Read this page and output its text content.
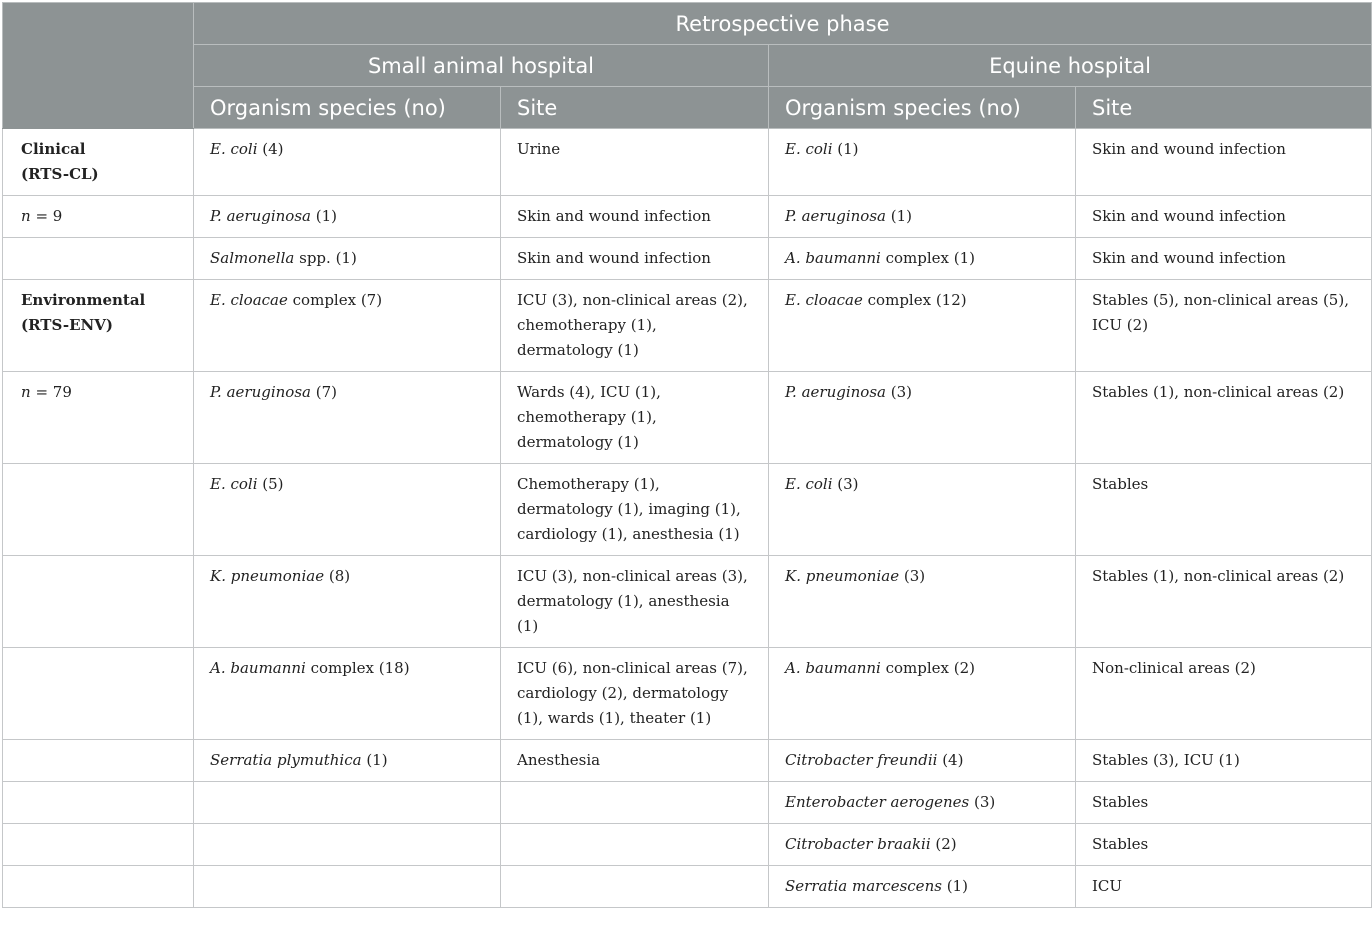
	Retrospective phase			
	Small animal hospital		Equine hospital	
	Organism species (no)	Site	Organism species (no)	Site
Clinical
(RTS-CL)	E. coli (4)	Urine	E. coli (1)	Skin and wound infection
n = 9	P. aeruginosa (1)	Skin and wound infection	P. aeruginosa (1)	Skin and wound infection
	Salmonella spp. (1)	Skin and wound infection	A. baumanni complex (1)	Skin and wound infection
Environmental
(RTS-ENV)	E. cloacae complex (7)	ICU (3), non-clinical areas (2), chemotherapy (1), dermatology (1)	E. cloacae complex (12)	Stables (5), non-clinical areas (5), ICU (2)
n = 79	P. aeruginosa (7)	Wards (4), ICU (1), chemotherapy (1), dermatology (1)	P. aeruginosa (3)	Stables (1), non-clinical areas (2)
	E. coli (5)	Chemotherapy (1), dermatology (1), imaging (1), cardiology (1), anesthesia (1)	E. coli (3)	Stables
	K. pneumoniae (8)	ICU (3), non-clinical areas (3), dermatology (1), anesthesia (1)	K. pneumoniae (3)	Stables (1), non-clinical areas (2)
	A. baumanni complex (18)	ICU (6), non-clinical areas (7), cardiology (2), dermatology (1), wards (1), theater (1)	A. baumanni complex (2)	Non-clinical areas (2)
	Serratia plymuthica (1)	Anesthesia	Citrobacter freundii (4)	Stables (3), ICU (1)
			Enterobacter aerogenes (3)	Stables
			Citrobacter braakii (2)	Stables
			Serratia marcescens (1)	ICU
